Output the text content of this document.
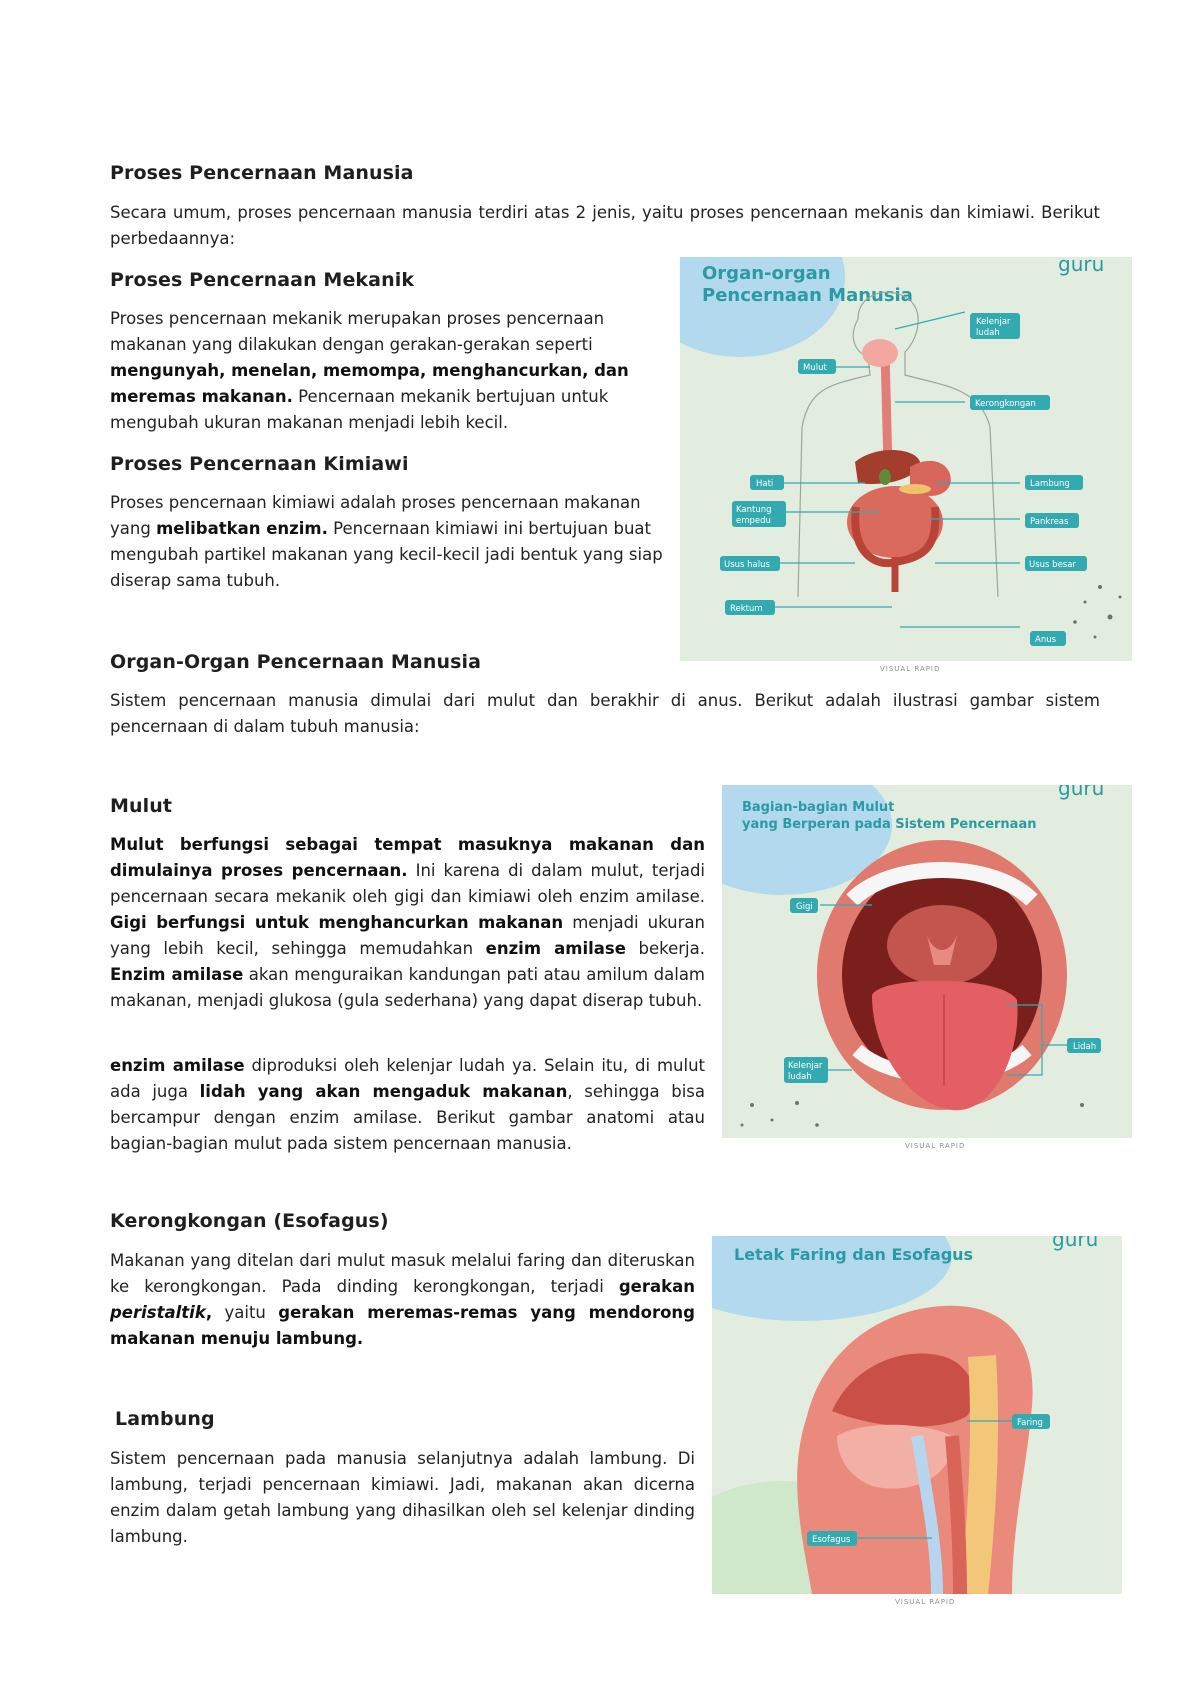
Proses Pencernaan Manusia
Secara umum, proses pencernaan manusia terdiri atas 2 jenis, yaitu proses pencernaan mekanis dan kimiawi. Berikut perbedaannya:
Proses Pencernaan Mekanik
Proses pencernaan mekanik merupakan proses pencernaan makanan yang dilakukan dengan gerakan-gerakan seperti mengunyah, menelan, memompa, menghancurkan, dan meremas makanan. Pencernaan mekanik bertujuan untuk mengubah ukuran makanan menjadi lebih kecil.
Proses Pencernaan Kimiawi
Proses pencernaan kimiawi adalah proses pencernaan makanan yang melibatkan enzim. Pencernaan kimiawi ini bertujuan buat mengubah partikel makanan yang kecil-kecil jadi bentuk yang siap diserap sama tubuh.
Organ-organ
Pencernaan Manusia
guru
Kelenjar ludah
Mulut
Kerongkongan
Hati	Lambung
Kantung empedu	Pankreas
Usus halus	Usus besar
Rektum
Anus
VISUAL RAPID
Organ-Organ Pencernaan Manusia
Sistem pencernaan manusia dimulai dari mulut dan berakhir di anus. Berikut adalah ilustrasi gambar sistem pencernaan di dalam tubuh manusia:
Mulut
Mulut berfungsi sebagai tempat masuknya makanan dan dimulainya proses pencernaan. Ini karena di dalam mulut, terjadi pencernaan secara mekanik oleh gigi dan kimiawi oleh enzim amilase. Gigi berfungsi untuk menghancurkan makanan menjadi ukuran yang lebih kecil, sehingga memudahkan enzim amilase bekerja. Enzim amilase akan menguraikan kandungan pati atau amilum dalam makanan, menjadi glukosa (gula sederhana) yang dapat diserap tubuh.
enzim amilase diproduksi oleh kelenjar ludah ya. Selain itu, di mulut ada juga lidah yang akan mengaduk makanan, sehingga bisa bercampur dengan enzim amilase. Berikut gambar anatomi atau bagian-bagian mulut pada sistem pencernaan manusia.
Bagian-bagian Mulut
yang Berperan pada Sistem Pencernaan
guru
Gigi
Lidah
Kelenjar ludah
VISUAL RAPID
Kerongkongan (Esofagus)
Makanan yang ditelan dari mulut masuk melalui faring dan diteruskan ke kerongkongan. Pada dinding kerongkongan, terjadi gerakan peristaltik, yaitu gerakan meremas-remas yang mendorong makanan menuju lambung.
Lambung
Sistem pencernaan pada manusia selanjutnya adalah lambung. Di lambung, terjadi pencernaan kimiawi. Jadi, makanan akan dicerna enzim dalam getah lambung yang dihasilkan oleh sel kelenjar dinding lambung.
Letak Faring dan Esofagus
guru
Faring
Esofagus
VISUAL RAPID
